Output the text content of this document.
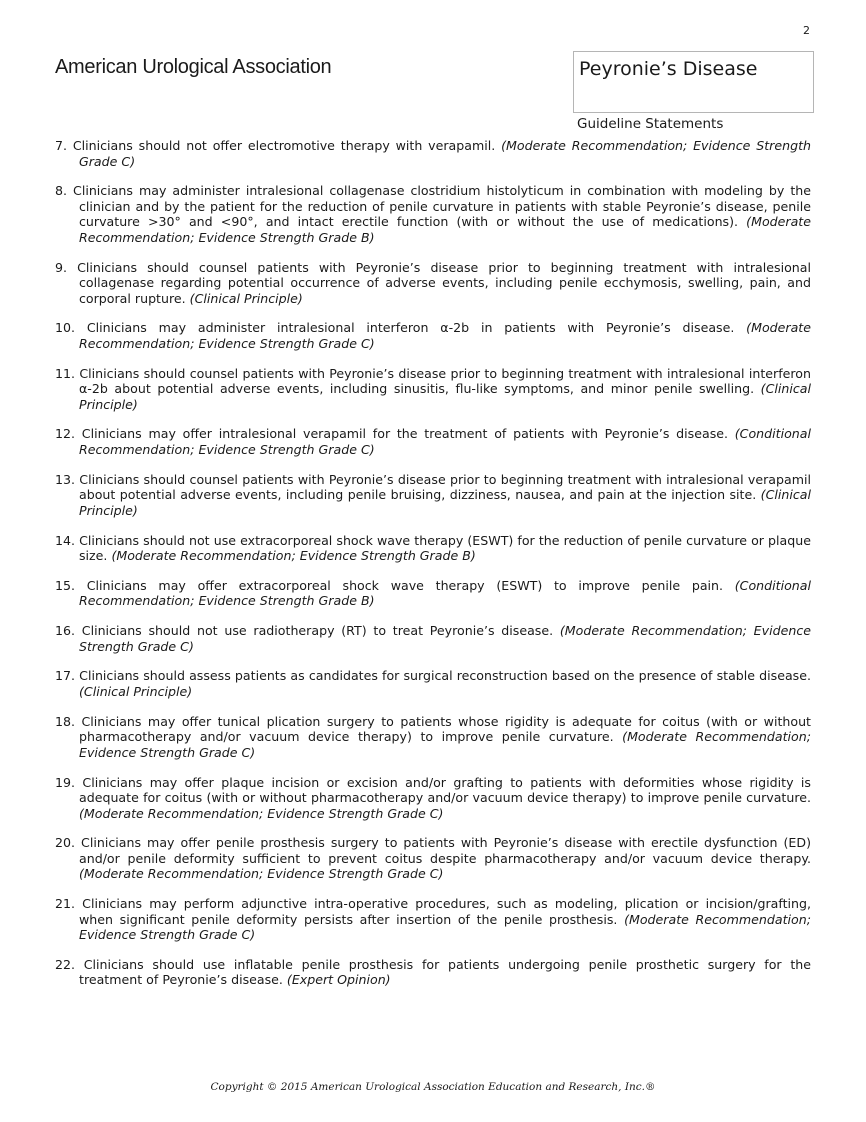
2
American Urological Association	Peyronie’s Disease
Guideline Statements
7. Clinicians should not offer electromotive therapy with verapamil. (Moderate Recommendation; Evidence Strength Grade C)
8. Clinicians may administer intralesional collagenase clostridium histolyticum in combination with modeling by the clinician and by the patient for the reduction of penile curvature in patients with stable Peyronie’s disease, penile curvature >30° and <90°, and intact erectile function (with or without the use of medications). (Moderate Recommendation; Evidence Strength Grade B)
9. Clinicians should counsel patients with Peyronie’s disease prior to beginning treatment with intralesional collagenase regarding potential occurrence of adverse events, including penile ecchymosis, swelling, pain, and corporal rupture. (Clinical Principle)
10. Clinicians may administer intralesional interferon α-2b in patients with Peyronie’s disease. (Moderate Recommendation; Evidence Strength Grade C)
11. Clinicians should counsel patients with Peyronie’s disease prior to beginning treatment with intralesional interferon α-2b about potential adverse events, including sinusitis, flu-like symptoms, and minor penile swelling. (Clinical Principle)
12. Clinicians may offer intralesional verapamil for the treatment of patients with Peyronie’s disease. (Conditional Recommendation; Evidence Strength Grade C)
13. Clinicians should counsel patients with Peyronie’s disease prior to beginning treatment with intralesional verapamil about potential adverse events, including penile bruising, dizziness, nausea, and pain at the injection site. (Clinical Principle)
14. Clinicians should not use extracorporeal shock wave therapy (ESWT) for the reduction of penile curvature or plaque size. (Moderate Recommendation; Evidence Strength Grade B)
15. Clinicians may offer extracorporeal shock wave therapy (ESWT) to improve penile pain. (Conditional Recommendation; Evidence Strength Grade B)
16. Clinicians should not use radiotherapy (RT) to treat Peyronie’s disease. (Moderate Recommendation; Evidence Strength Grade C)
17. Clinicians should assess patients as candidates for surgical reconstruction based on the presence of stable disease. (Clinical Principle)
18. Clinicians may offer tunical plication surgery to patients whose rigidity is adequate for coitus (with or without pharmacotherapy and/or vacuum device therapy) to improve penile curvature. (Moderate Recommendation; Evidence Strength Grade C)
19. Clinicians may offer plaque incision or excision and/or grafting to patients with deformities whose rigidity is adequate for coitus (with or without pharmacotherapy and/or vacuum device therapy) to improve penile curvature. (Moderate Recommendation; Evidence Strength Grade C)
20. Clinicians may offer penile prosthesis surgery to patients with Peyronie’s disease with erectile dysfunction (ED) and/or penile deformity sufficient to prevent coitus despite pharmacotherapy and/or vacuum device therapy. (Moderate Recommendation; Evidence Strength Grade C)
21. Clinicians may perform adjunctive intra-operative procedures, such as modeling, plication or incision/grafting, when significant penile deformity persists after insertion of the penile prosthesis. (Moderate Recommendation; Evidence Strength Grade C)
22. Clinicians should use inflatable penile prosthesis for patients undergoing penile prosthetic surgery for the treatment of Peyronie’s disease. (Expert Opinion)
Copyright © 2015 American Urological Association Education and Research, Inc.®
